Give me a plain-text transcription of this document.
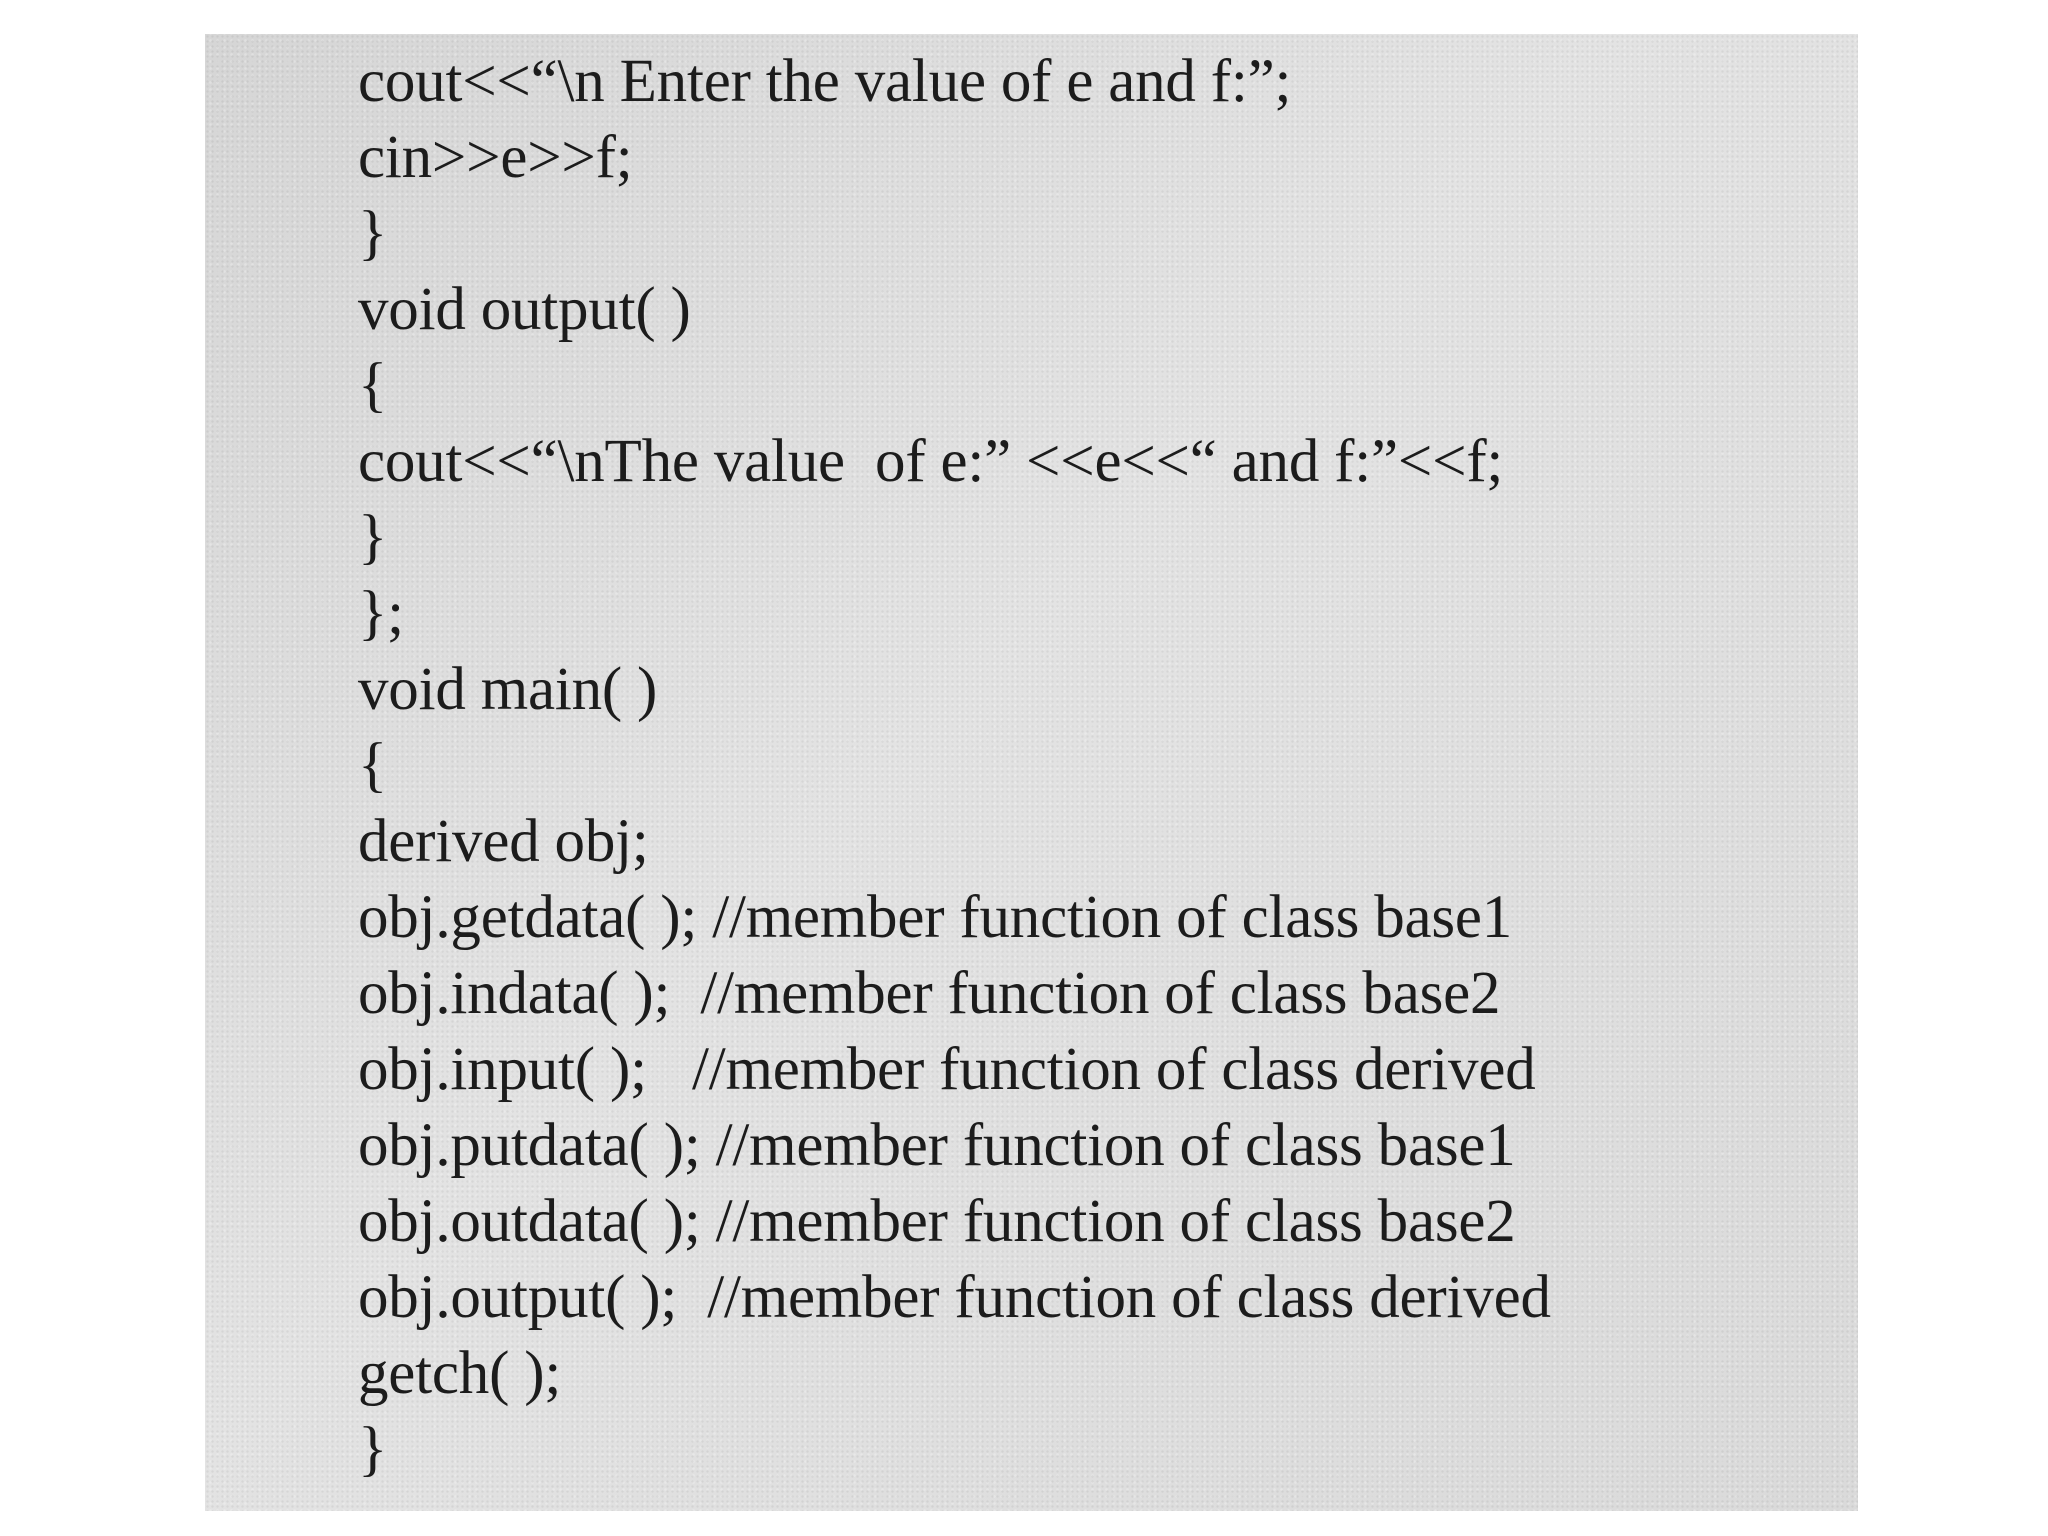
cout<<“\n Enter the value of e and f:”;
cin>>e>>f;
}
void output( )
{
cout<<“\nThe value  of e:” <<e<<“ and f:”<<f;
}
};
void main( )
{
derived obj;
obj.getdata( ); //member function of class base1
obj.indata( );  //member function of class base2
obj.input( );   //member function of class derived
obj.putdata( ); //member function of class base1
obj.outdata( ); //member function of class base2
obj.output( );  //member function of class derived
getch( );
}
